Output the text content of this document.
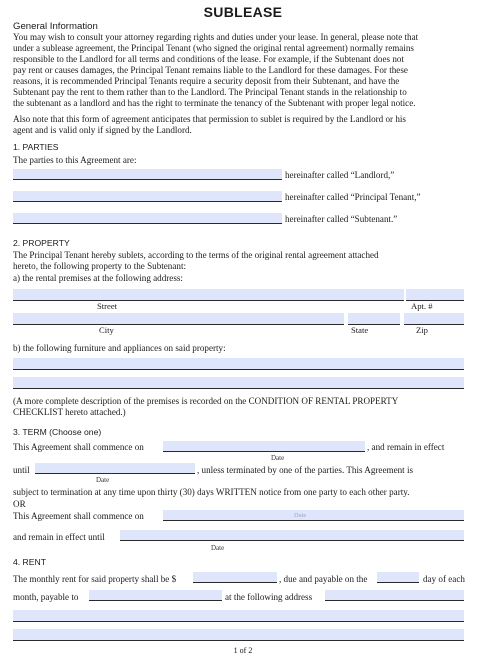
SUBLEASE
General Information
You may wish to consult your attorney regarding rights and duties under your lease. In general, please note that
under a sublease agreement, the Principal Tenant (who signed the original rental agreement) normally remains
responsible to the Landlord for all terms and conditions of the lease. For example, if the Subtenant does not
pay rent or causes damages, the Principal Tenant remains liable to the Landlord for these damages. For these
reasons, it is recommended Principal Tenants require a security deposit from their Subtenant, and have the
Subtenant pay the rent to them rather than to the Landlord. The Principal Tenant stands in the relationship to
the subtenant as a landlord and has the right to terminate the tenancy of the Subtenant with proper legal notice.
Also note that this form of agreement anticipates that permission to sublet is required by the Landlord or his
agent and is valid only if signed by the Landlord.
1. PARTIES
The parties to this Agreement are:
hereinafter called “Landlord,”
hereinafter called “Principal Tenant,”
hereinafter called “Subtenant.”
2. PROPERTY
The Principal Tenant hereby sublets, according to the terms of the original rental agreement attached
hereto, the following property to the Subtenant:
a) the rental premises at the following address:
Street	Apt. #
City	State	Zip
b) the following furniture and appliances on said property:
(A more complete description of the premises is recorded on the CONDITION OF RENTAL PROPERTY
CHECKLIST hereto attached.)
3. TERM (Choose one)
This Agreement shall commence on	, and remain in effect
Date
until	, unless terminated by one of the parties. This Agreement is
Date
subject to termination at any time upon thirty (30) days WRITTEN notice from one party to each other party.
OR
This Agreement shall commence on	Date
and remain in effect until
Date
4. RENT
The monthly rent for said property shall be $	, due and payable on the	day of each
month, payable to	at the following address
1 of 2
